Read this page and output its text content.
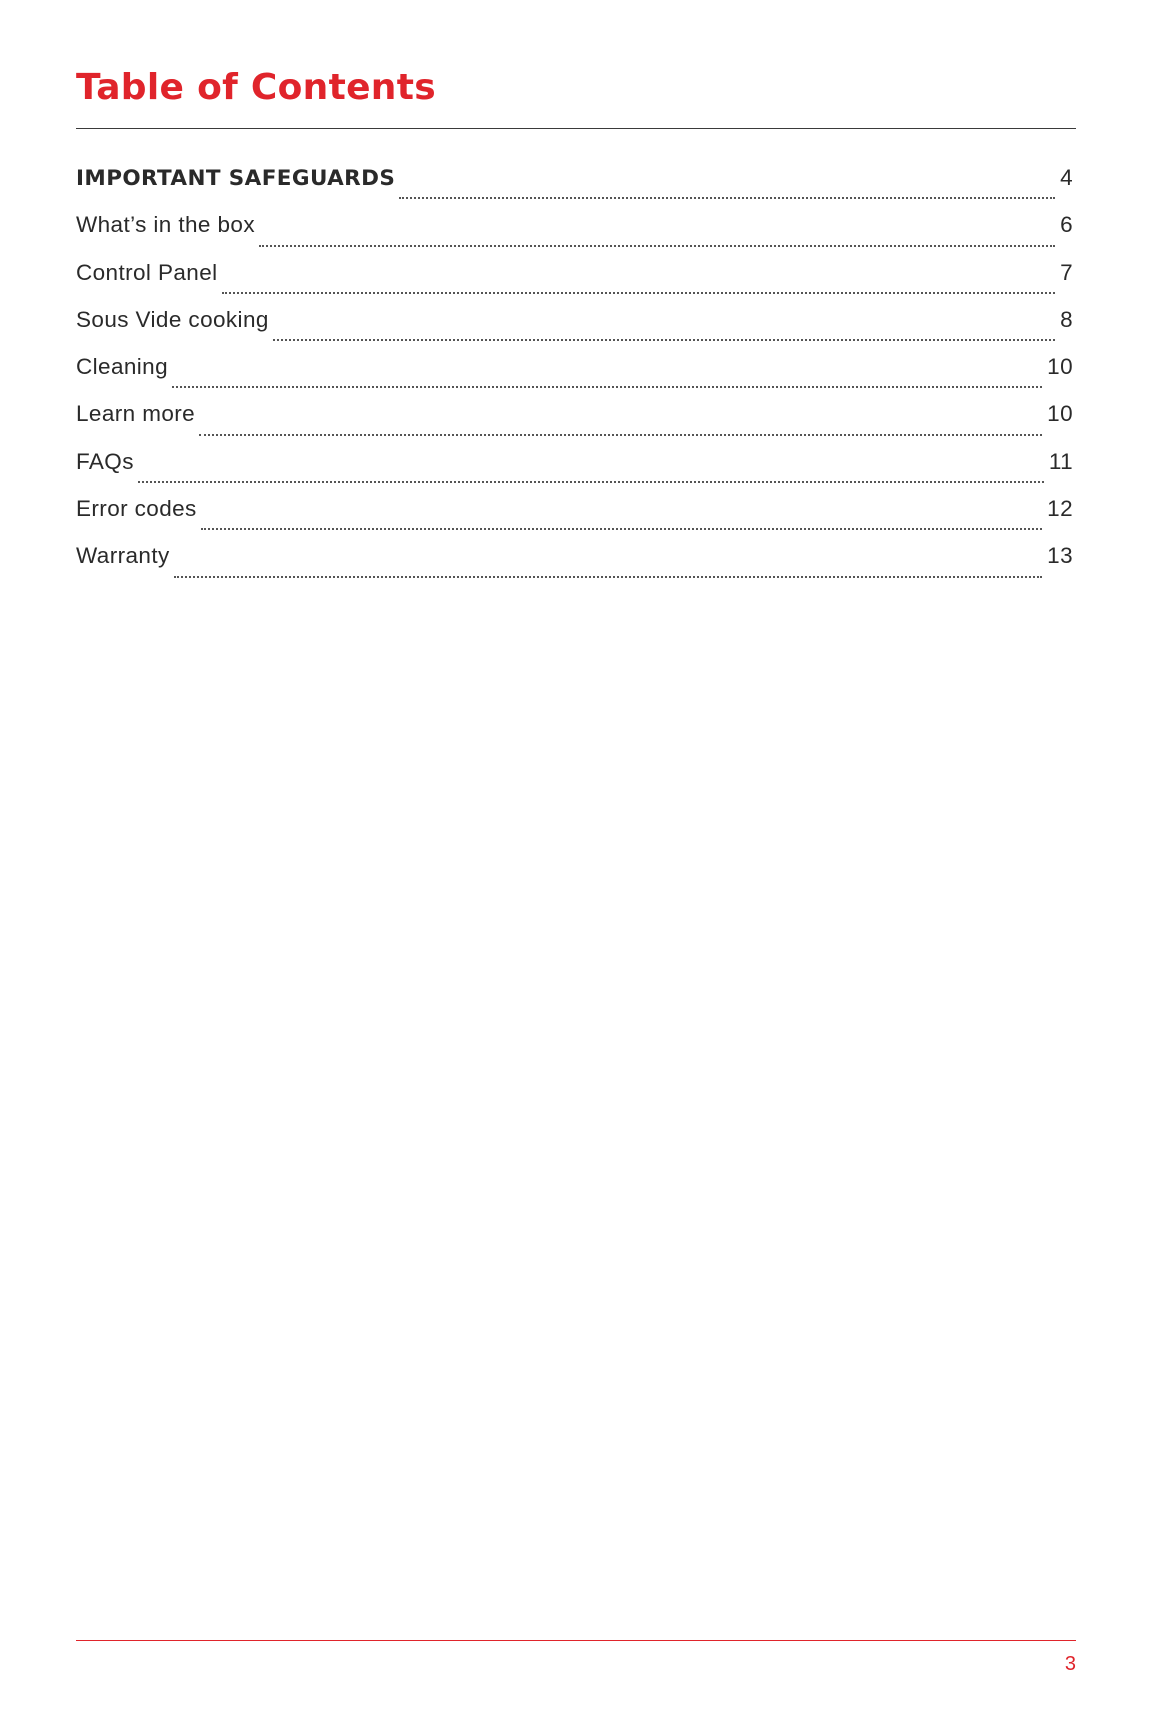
Table of Contents
IMPORTANT SAFEGUARDS	4
What’s in the box	6
Control Panel	7
Sous Vide cooking	8
Cleaning	10
Learn more	10
FAQs	11
Error codes	12
Warranty	13
3
